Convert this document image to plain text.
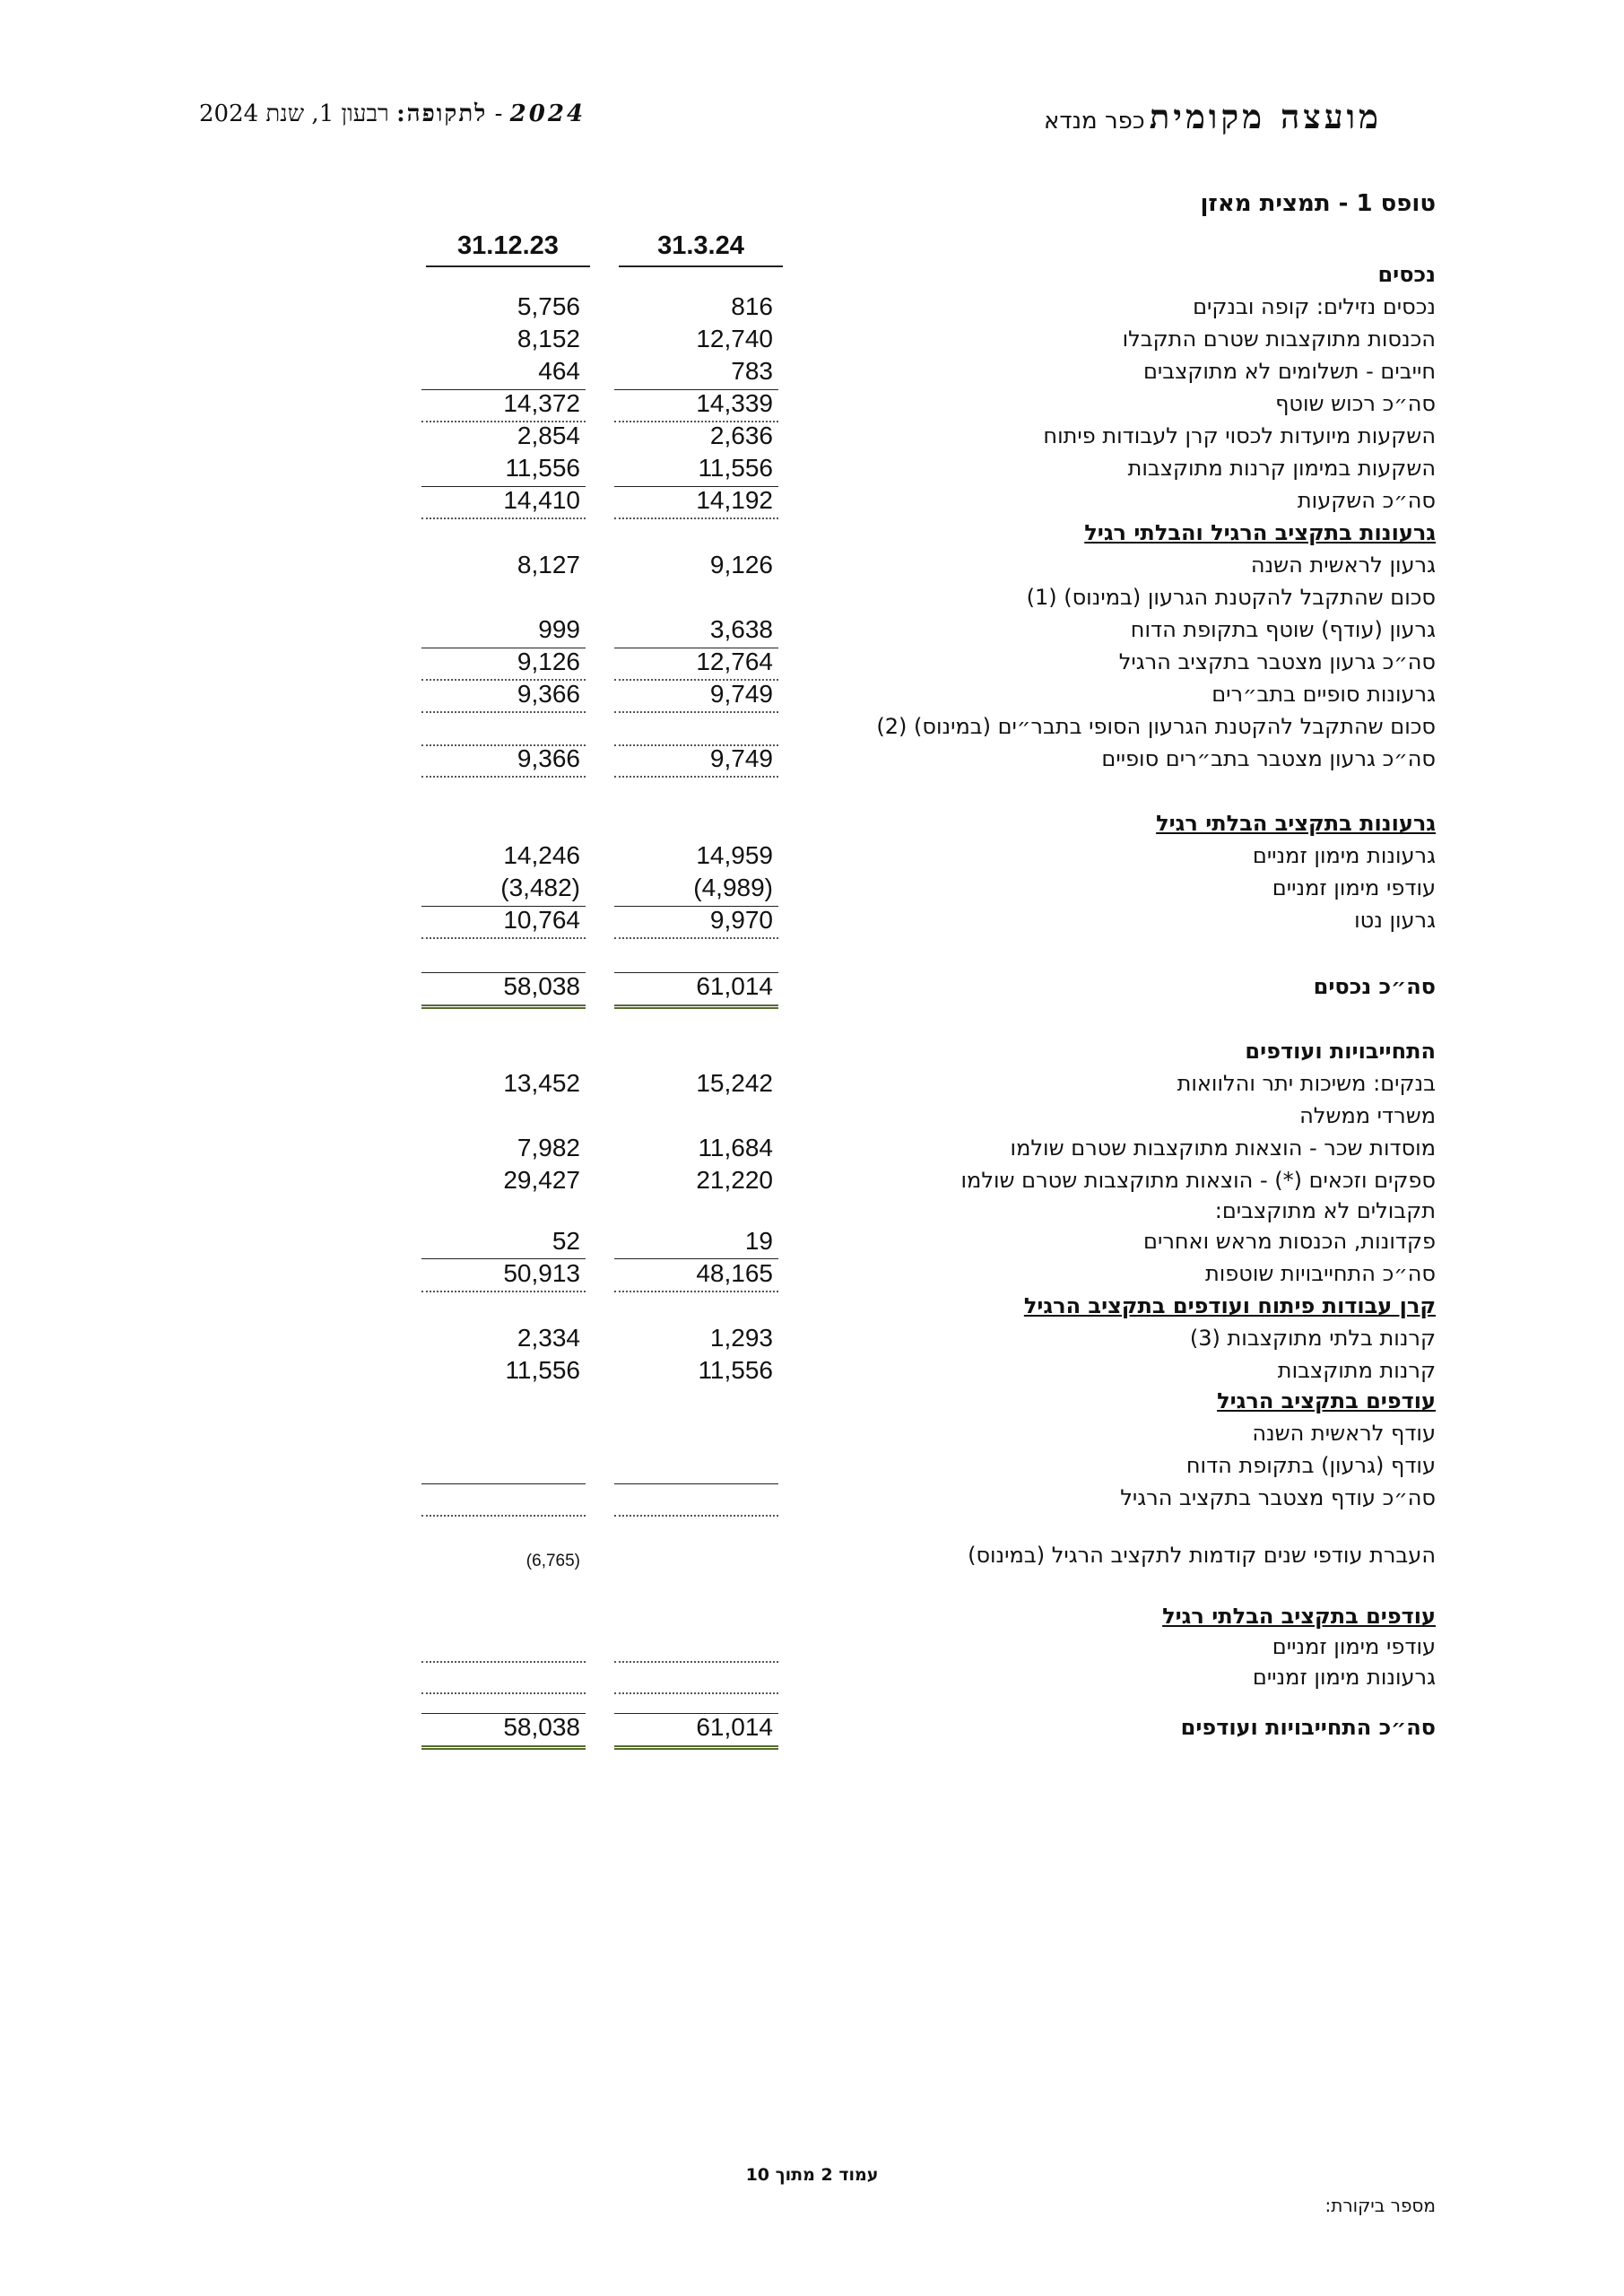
מועצה מקומית כפר מנדא
2024 - לתקופה: רבעון 1, שנת 2024
טופס 1 - תמצית מאזן
31.3.24
31.12.23
נכסים
נכסים נזילים: קופה ובנקים
816
5,756
הכנסות מתוקצבות שטרם התקבלו
12,740
8,152
חייבים - תשלומים לא מתוקצבים
783
464
סה״כ רכוש שוטף
14,339
14,372
השקעות מיועדות לכסוי קרן לעבודות פיתוח
2,636
2,854
השקעות במימון קרנות מתוקצבות
11,556
11,556
סה״כ השקעות
14,192
14,410
גרעונות בתקציב הרגיל והבלתי רגיל
גרעון לראשית השנה
9,126
8,127
סכום שהתקבל להקטנת הגרעון (במינוס) (1)
גרעון (עודף) שוטף בתקופת הדוח
3,638
999
סה״כ גרעון מצטבר בתקציב הרגיל
12,764
9,126
גרעונות סופיים בתב״רים
9,749
9,366
סכום שהתקבל להקטנת הגרעון הסופי בתבר״ים (במינוס) (2)
סה״כ גרעון מצטבר בתב״רים סופיים
9,749
9,366
גרעונות בתקציב הבלתי רגיל
גרעונות מימון זמניים
14,959
14,246
עודפי מימון זמניים
(4,989)
(3,482)
גרעון נטו
9,970
10,764
סה״כ נכסים
61,014
58,038
התחייבויות ועודפים
בנקים: משיכות יתר והלוואות
15,242
13,452
משרדי ממשלה
מוסדות שכר - הוצאות מתוקצבות שטרם שולמו
11,684
7,982
ספקים וזכאים (*) - הוצאות מתוקצבות שטרם שולמו
21,220
29,427
תקבולים לא מתוקצבים:
פקדונות, הכנסות מראש ואחרים
19
52
סה״כ התחייבויות שוטפות
48,165
50,913
קרן עבודות פיתוח ועודפים בתקציב הרגיל
קרנות בלתי מתוקצבות (3)
1,293
2,334
קרנות מתוקצבות
11,556
11,556
עודפים בתקציב הרגיל
עודף לראשית השנה
עודף (גרעון) בתקופת הדוח
סה״כ עודף מצטבר בתקציב הרגיל
העברת עודפי שנים קודמות לתקציב הרגיל (במינוס)
(6,765)
עודפים בתקציב הבלתי רגיל
עודפי מימון זמניים
גרעונות מימון זמניים
סה״כ התחייבויות ועודפים
61,014
58,038
עמוד 2 מתוך 10
מספר ביקורת:
